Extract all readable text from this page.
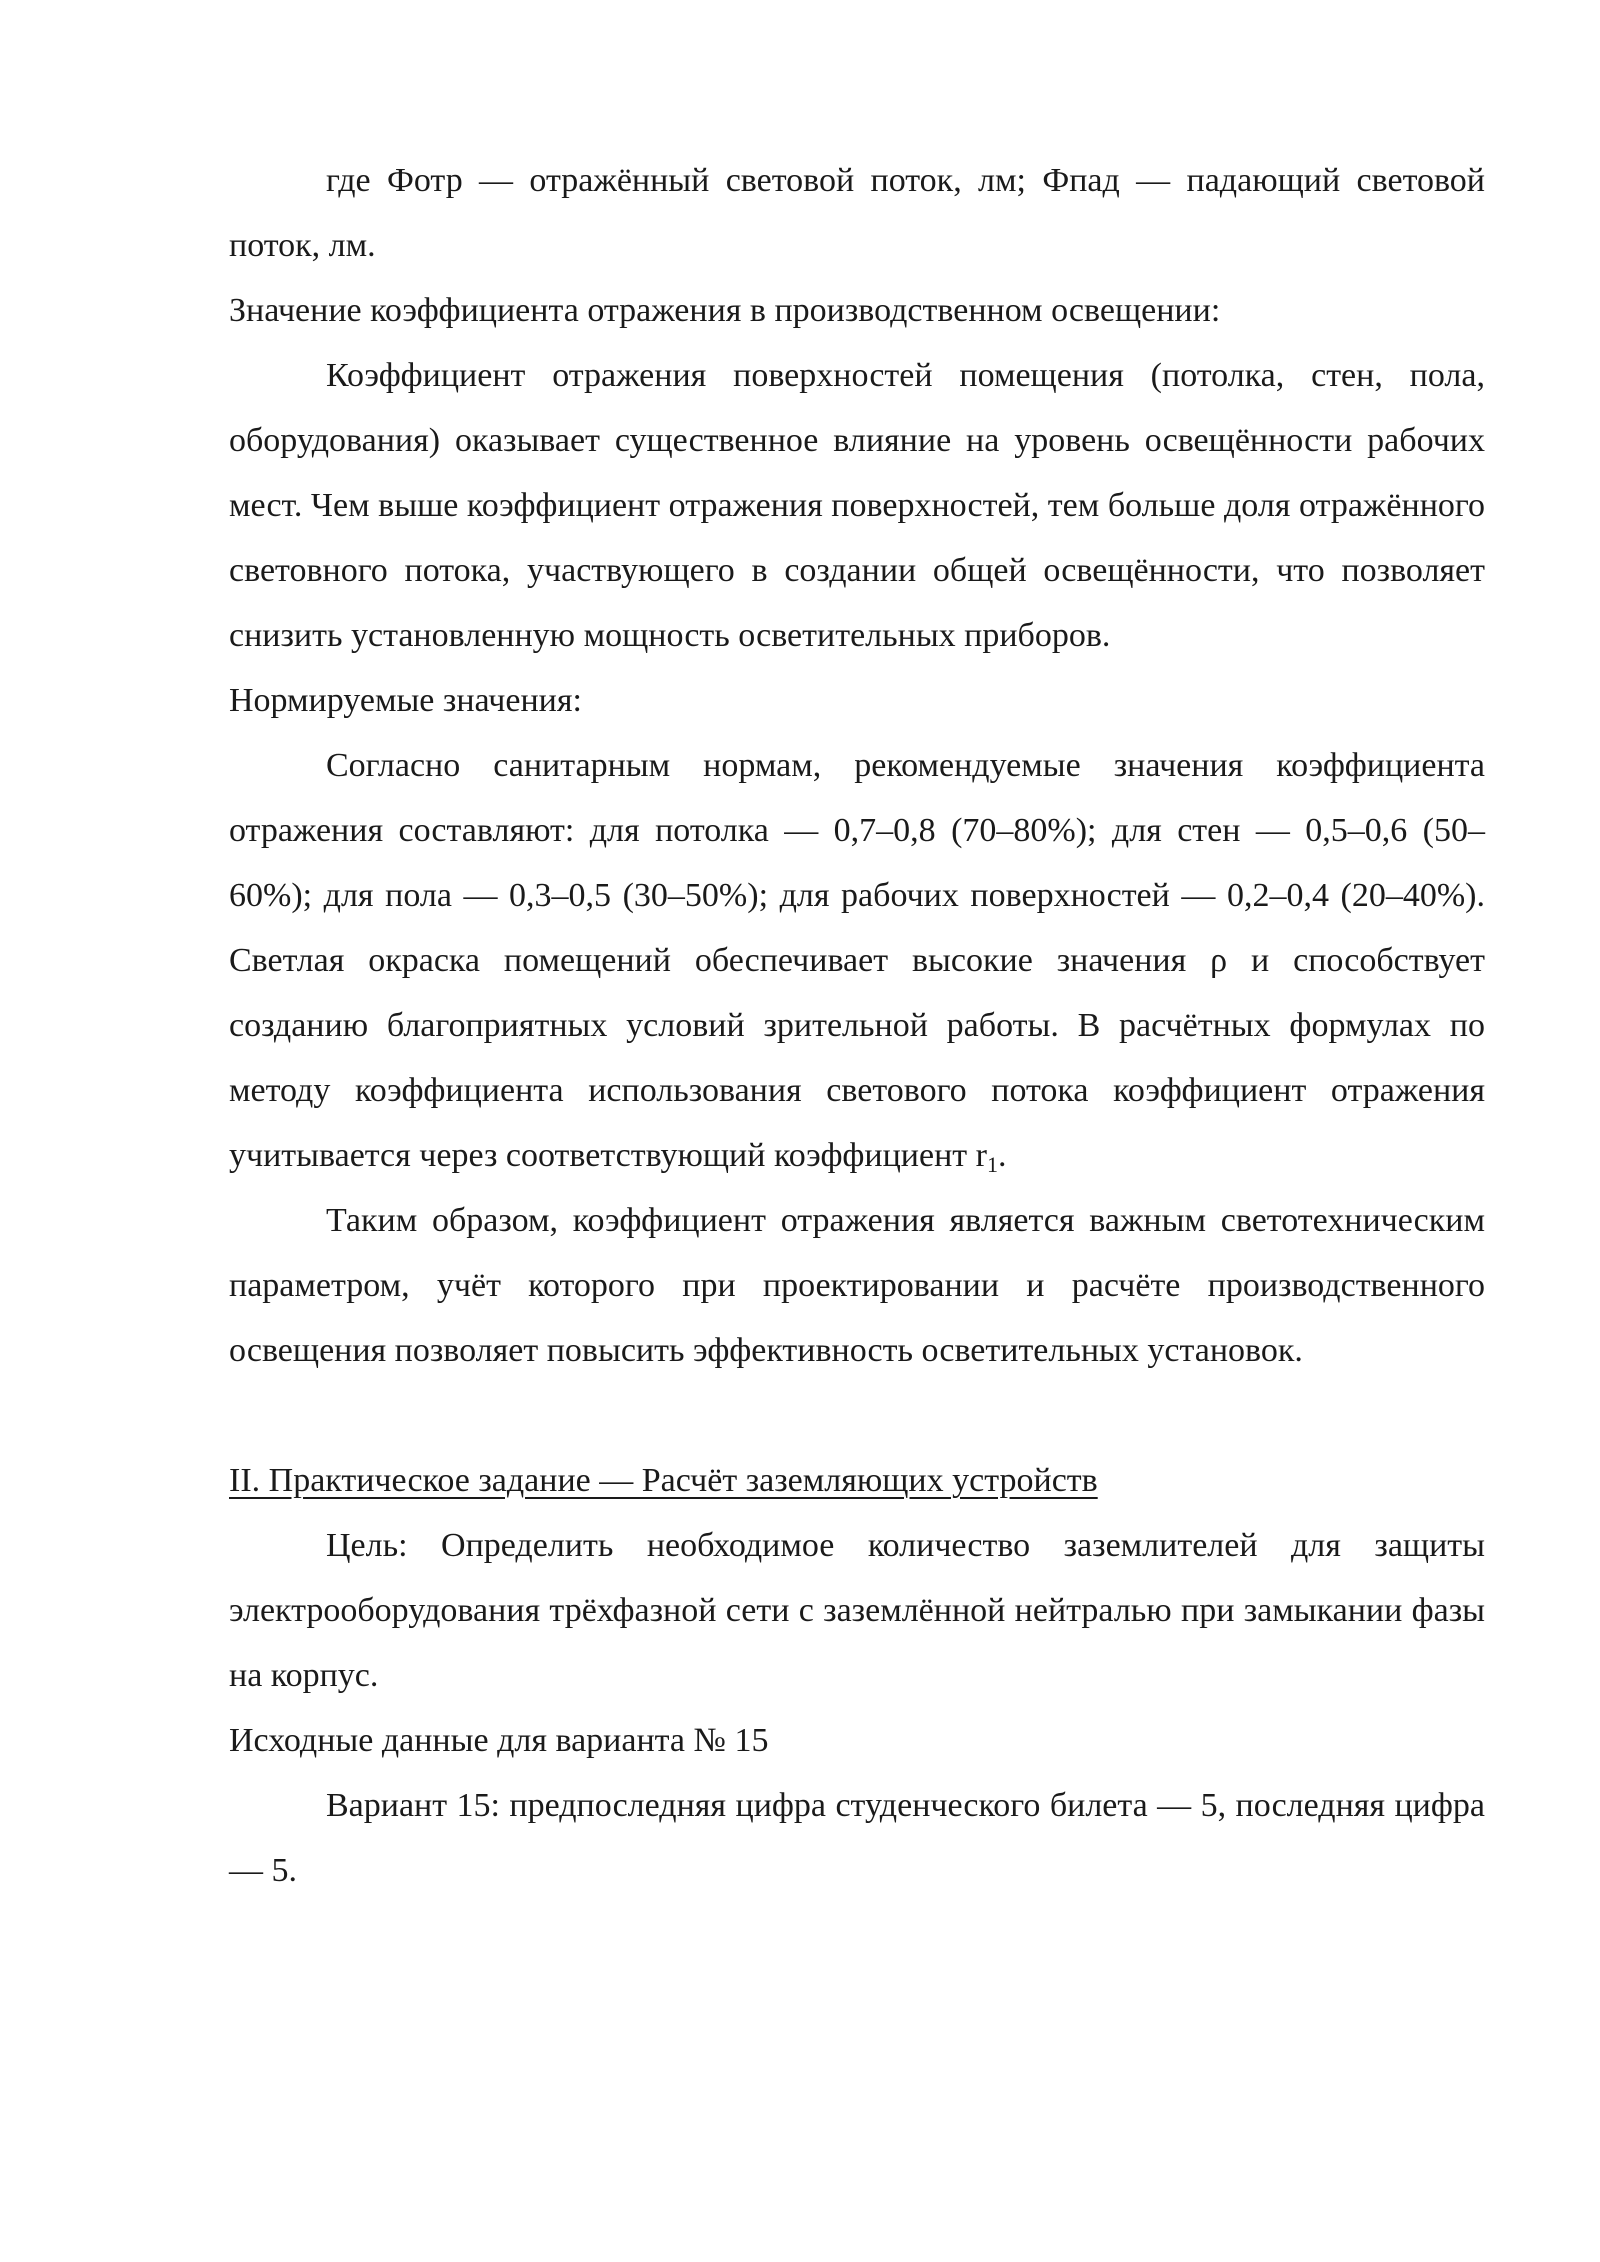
где Фотр — отражённый световой поток, лм; Фпад — падающий световой поток, лм.

Значение коэффициента отражения в производственном освещении:

Коэффициент отражения поверхностей помещения (потолка, стен, пола, оборудования) оказывает существенное влияние на уровень освещённости рабочих мест. Чем выше коэффициент отражения поверхностей, тем больше доля отражённого световного потока, участвующего в создании общей освещённости, что позволяет снизить установленную мощность осветительных приборов.

Нормируемые значения:

Согласно санитарным нормам, рекомендуемые значения коэффициента отражения составляют: для потолка — 0,7–0,8 (70–80%); для стен — 0,5–0,6 (50–60%); для пола — 0,3–0,5 (30–50%); для рабочих поверхностей — 0,2–0,4 (20–40%). Светлая окраска помещений обеспечивает высокие значения ρ и способствует созданию благоприятных условий зрительной работы. В расчётных формулах по методу коэффициента использования светового потока коэффициент отражения учитывается через соответствующий коэффициент $r_1$.

Таким образом, коэффициент отражения является важным светотехническим параметром, учёт которого при проектировании и расчёте производственного освещения позволяет повысить эффективность осветительных установок.

II. Практическое задание — Расчёт заземляющих устройств

Цель: Определить необходимое количество заземлителей для защиты электрооборудования трёхфазной сети с заземлённой нейтралью при замыкании фазы на корпус.

Исходные данные для варианта № 15

Вариант 15: предпоследняя цифра студенческого билета — 5, последняя цифра — 5.
